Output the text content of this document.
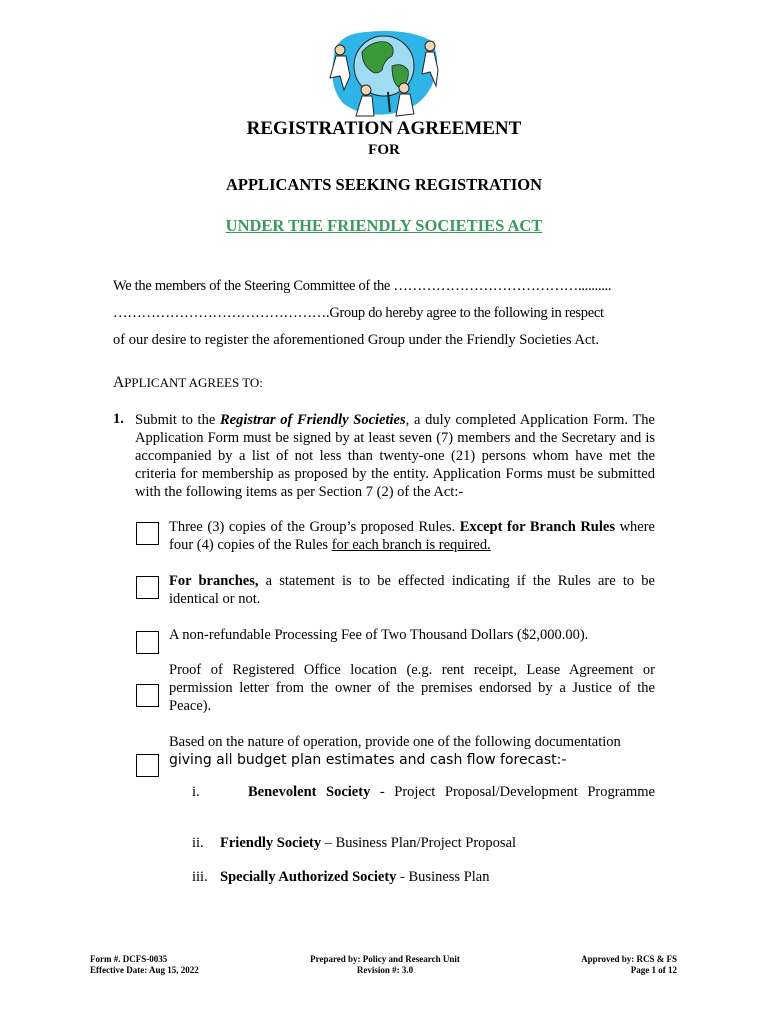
REGISTRATION AGREEMENT
FOR
APPLICANTS SEEKING REGISTRATION
UNDER THE FRIENDLY SOCIETIES ACT
We the members of the Steering Committee of the …………………………………..........
……………………………………….Group do hereby agree to the following in respect
of our desire to register the aforementioned Group under the Friendly Societies Act.
APPLICANT AGREES TO:
1. Submit to the Registrar of Friendly Societies, a duly completed Application Form. The Application Form must be signed by at least seven (7) members and the Secretary and is accompanied by a list of not less than twenty-one (21) persons whom have met the criteria for membership as proposed by the entity. Application Forms must be submitted with the following items as per Section 7 (2) of the Act:-
Three (3) copies of the Group’s proposed Rules. Except for Branch Rules where four (4) copies of the Rules for each branch is required.
For branches, a statement is to be effected indicating if the Rules are to be identical or not.
A non-refundable Processing Fee of Two Thousand Dollars ($2,000.00).
Proof of Registered Office location (e.g. rent receipt, Lease Agreement or permission letter from the owner of the premises endorsed by a Justice of the Peace).
Based on the nature of operation, provide one of the following documentation
giving all budget plan estimates and cash flow forecast:-
i.	Benevolent Society - Project Proposal/Development Programme
ii. Friendly Society – Business Plan/Project Proposal
iii. Specially Authorized Society - Business Plan
Form #. DCFS-0035
Effective Date: Aug 15, 2022
Prepared by: Policy and Research Unit
Revision #: 3.0
Approved by: RCS & FS
Page 1 of 12
